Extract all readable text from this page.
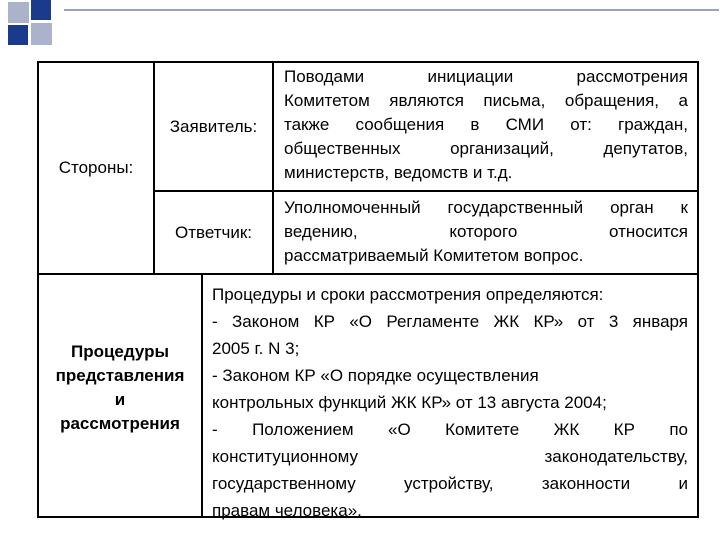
Стороны:
Заявитель:
Поводами инициации рассмотрения
Комитетом являются письма, обращения, а
также сообщения в СМИ от: граждан,
общественных организаций, депутатов,
министерств, ведомств и т.д.
Ответчик:
Уполномоченный государственный орган к
ведению, которого относится
рассматриваемый Комитетом вопрос.
Процедуры
представления
и
рассмотрения
Процедуры и сроки рассмотрения определяются:
- Законом КР «О Регламенте ЖК КР» от 3 января
2005 г. N 3;
- Законом КР «О порядке осуществления
контрольных функций ЖК КР» от 13 августа 2004;
- Положением «О Комитете ЖК КР по
конституционному законодательству,
государственному устройству, законности и
правам человека».
